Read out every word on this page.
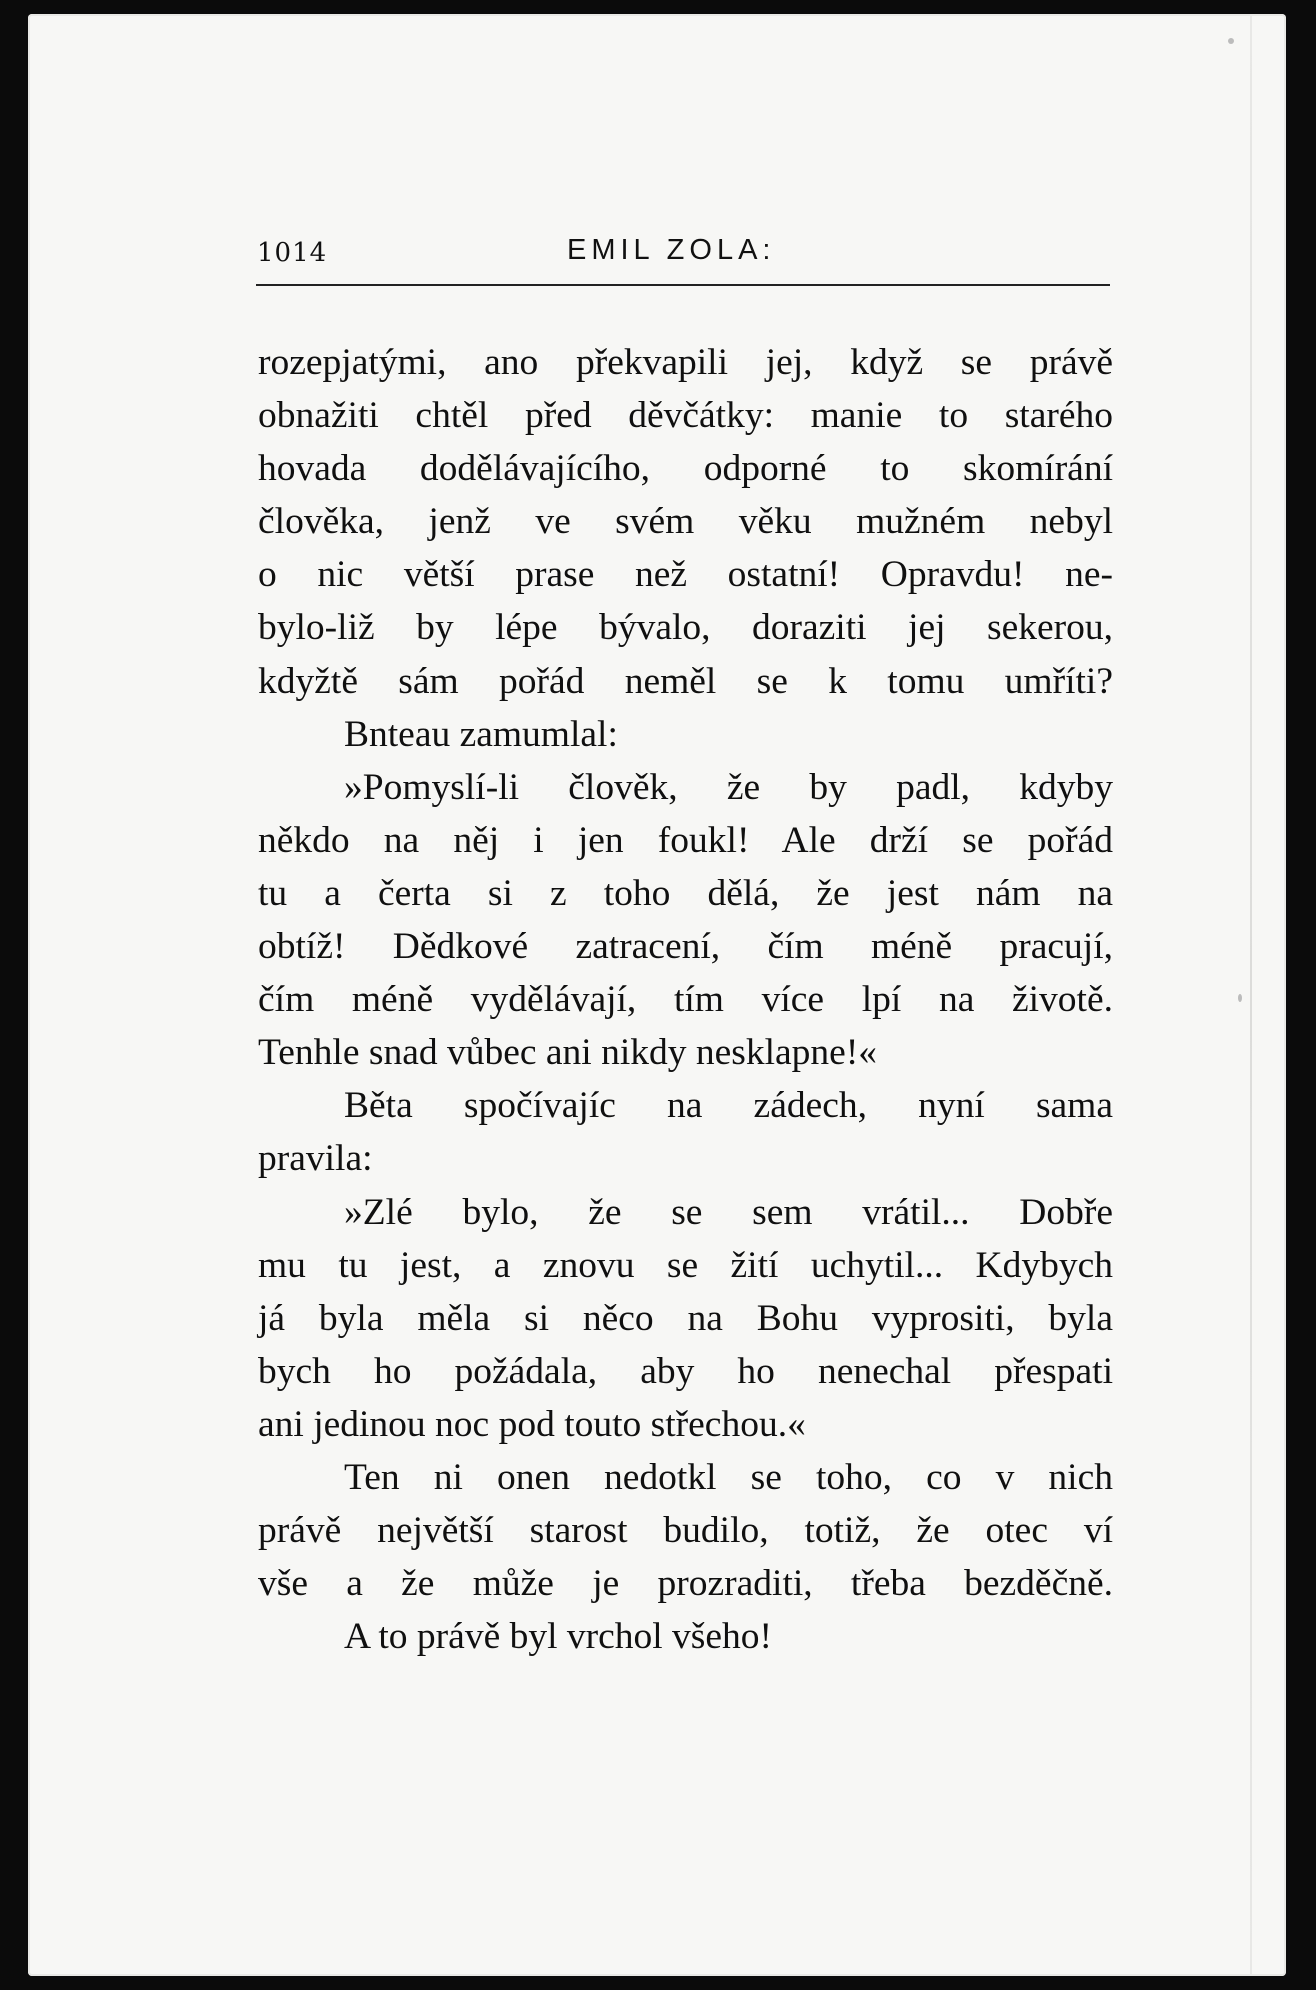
1014	EMIL ZOLA:
rozepjatými, ano překvapili jej, když se právě
obnažiti chtěl před děvčátky: manie to starého
hovada dodělávajícího, odporné to skomírání
člověka, jenž ve svém věku mužném nebyl
o nic větší prase než ostatní! Opravdu! ne-
bylo-liž by lépe bývalo, doraziti jej sekerou,
kdyžtě sám pořád neměl se k tomu umříti?
Bnteau zamumlal:
»Pomyslí-li člověk, že by padl, kdyby
někdo na něj i jen foukl! Ale drží se pořád
tu a čerta si z toho dělá, že jest nám na
obtíž! Dědkové zatracení, čím méně pracují,
čím méně vydělávají, tím více lpí na životě.
Tenhle snad vůbec ani nikdy nesklapne!«
Běta spočívajíc na zádech, nyní sama
pravila:
»Zlé bylo, že se sem vrátil... Dobře
mu tu jest, a znovu se žití uchytil... Kdybych
já byla měla si něco na Bohu vyprositi, byla
bych ho požádala, aby ho nenechal přespati
ani jedinou noc pod touto střechou.«
Ten ni onen nedotkl se toho, co v nich
právě největší starost budilo, totiž, že otec ví
vše a že může je prozraditi, třeba bezděčně.
A to právě byl vrchol všeho!
